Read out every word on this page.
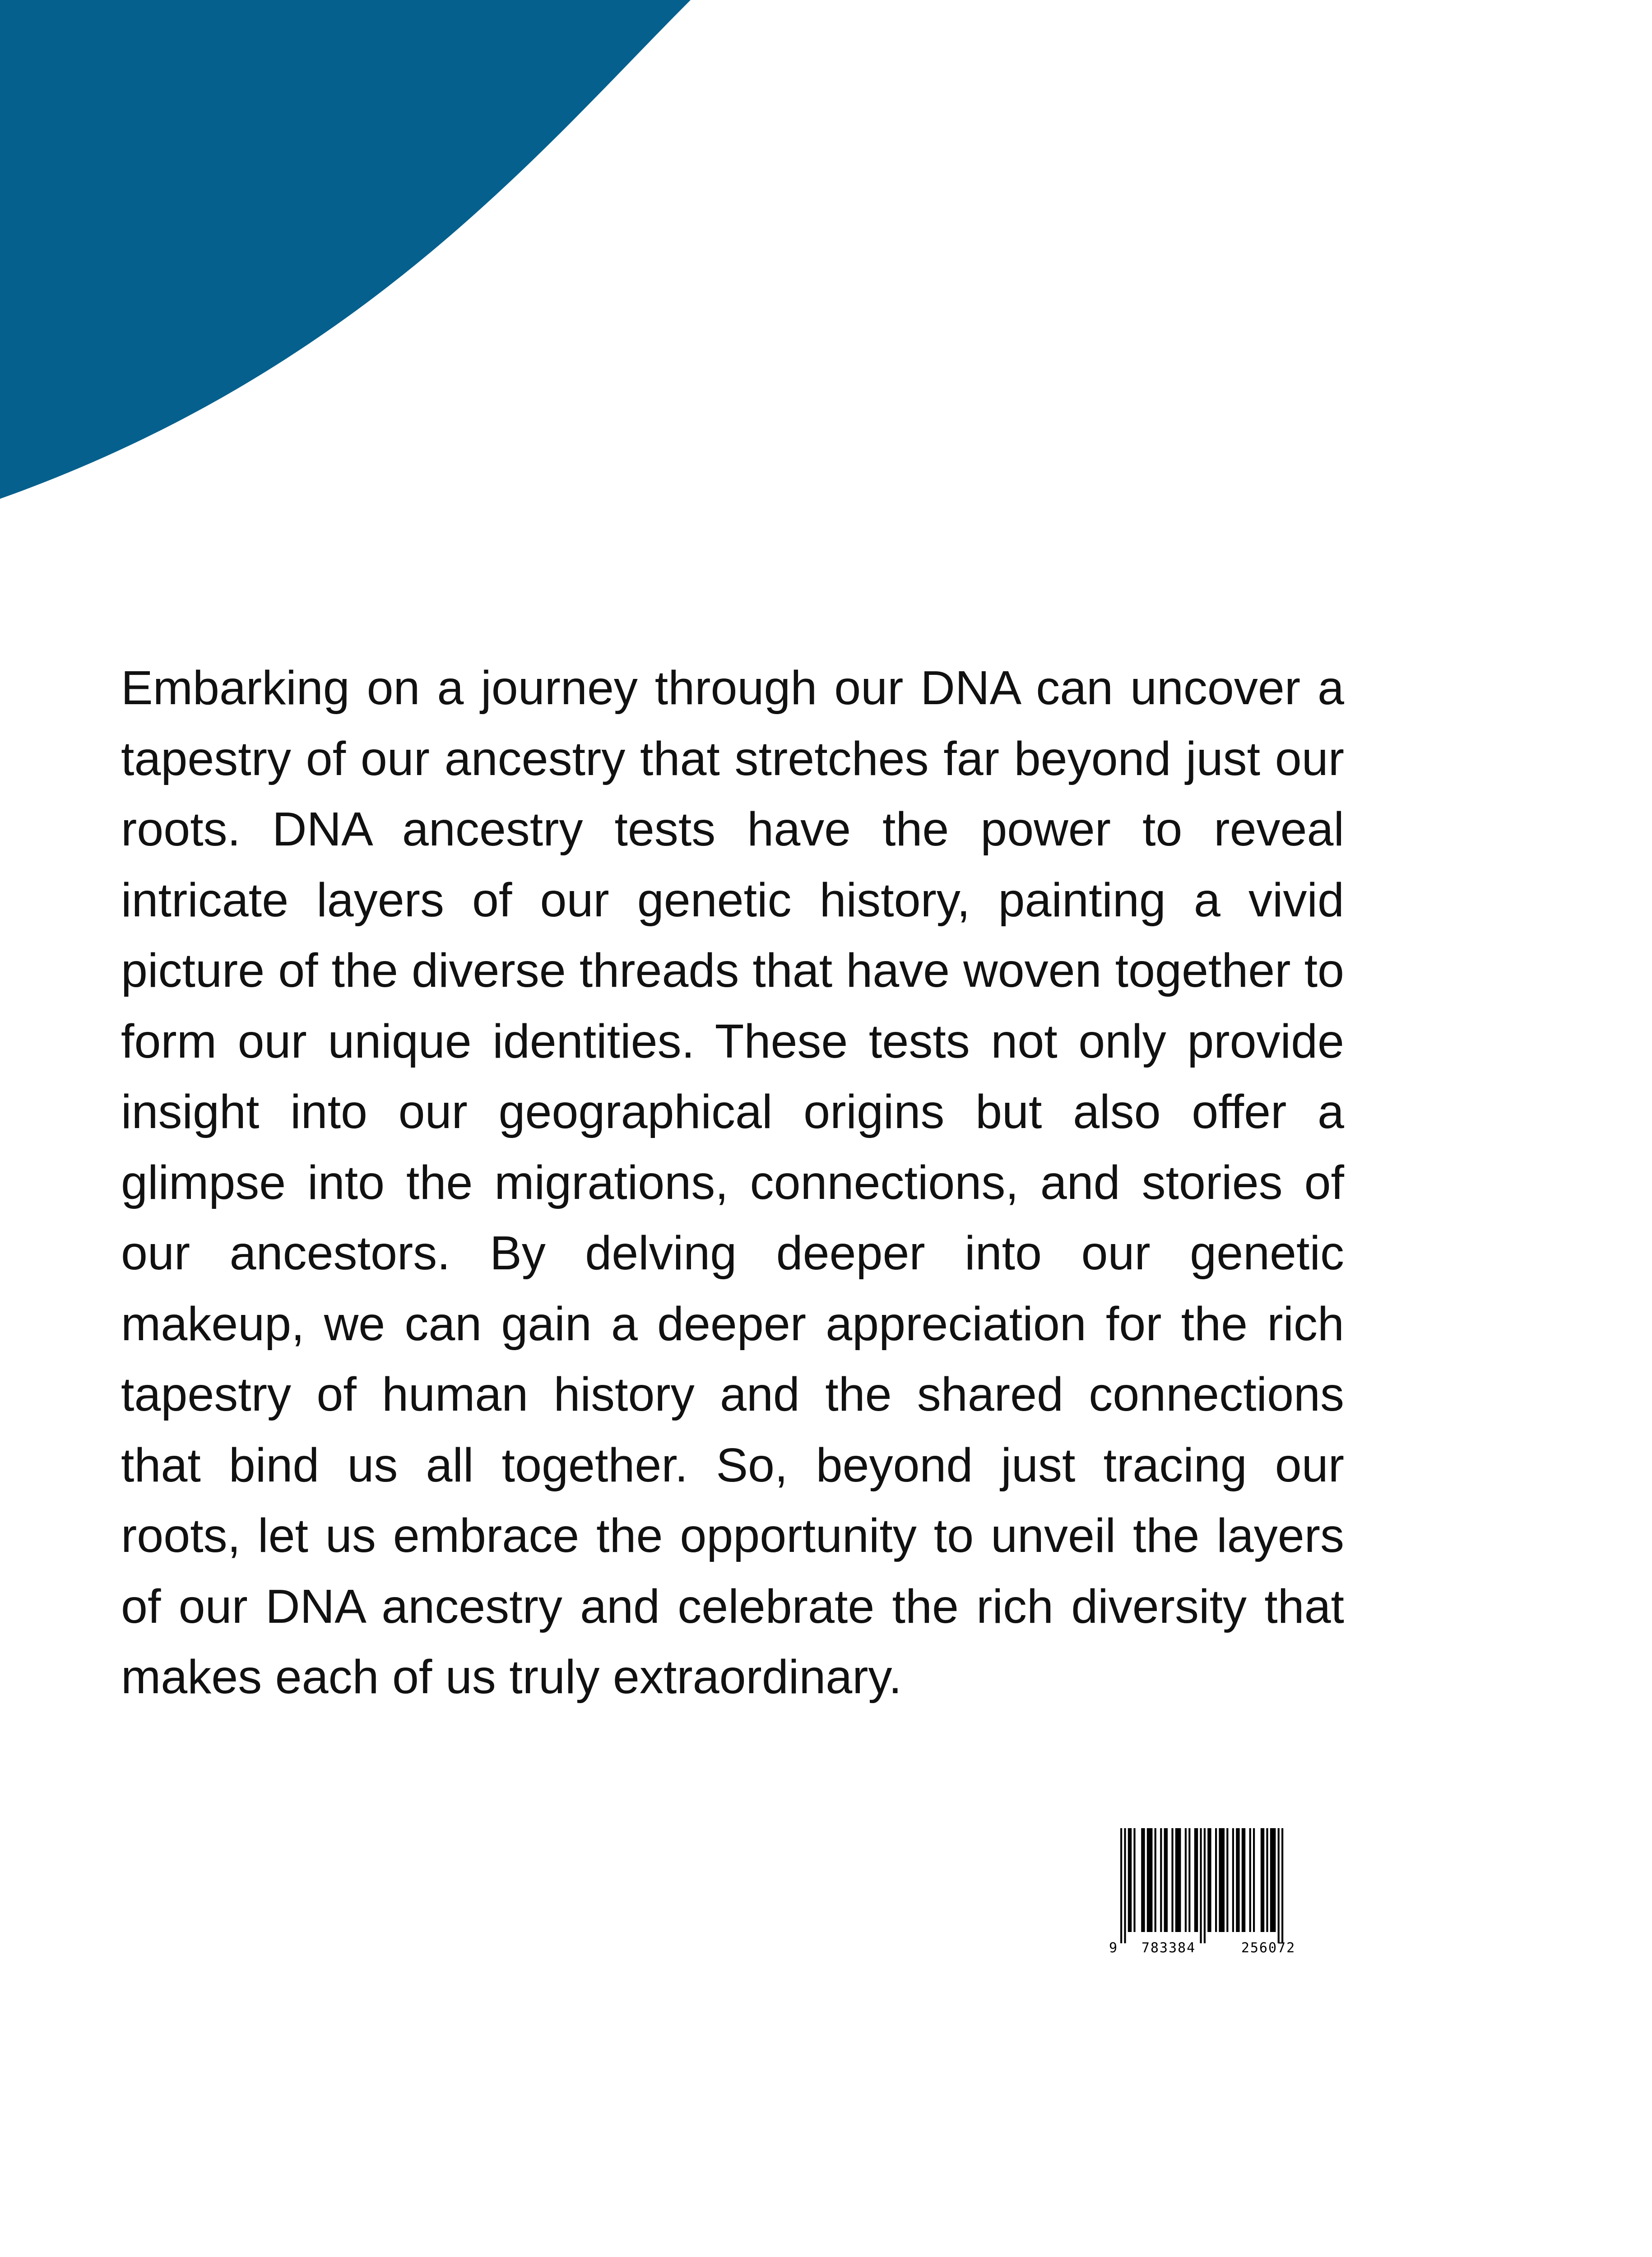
Embarking on a journey through our DNA can uncover a tapestry of our ancestry that stretches far beyond just our roots. DNA ancestry tests have the power to reveal intricate layers of our genetic history, painting a vivid picture of the diverse threads that have woven together to form our unique identities. These tests not only provide insight into our geographical origins but also offer a glimpse into the migrations, connections, and stories of our ancestors. By delving deeper into our genetic makeup, we can gain a deeper appreciation for the rich tapestry of human history and the shared connections that bind us all together. So, beyond just tracing our roots, let us embrace the opportunity to unveil the layers of our DNA ancestry and celebrate the rich diversity that makes each of us truly extraordinary.

9 783384	256072
